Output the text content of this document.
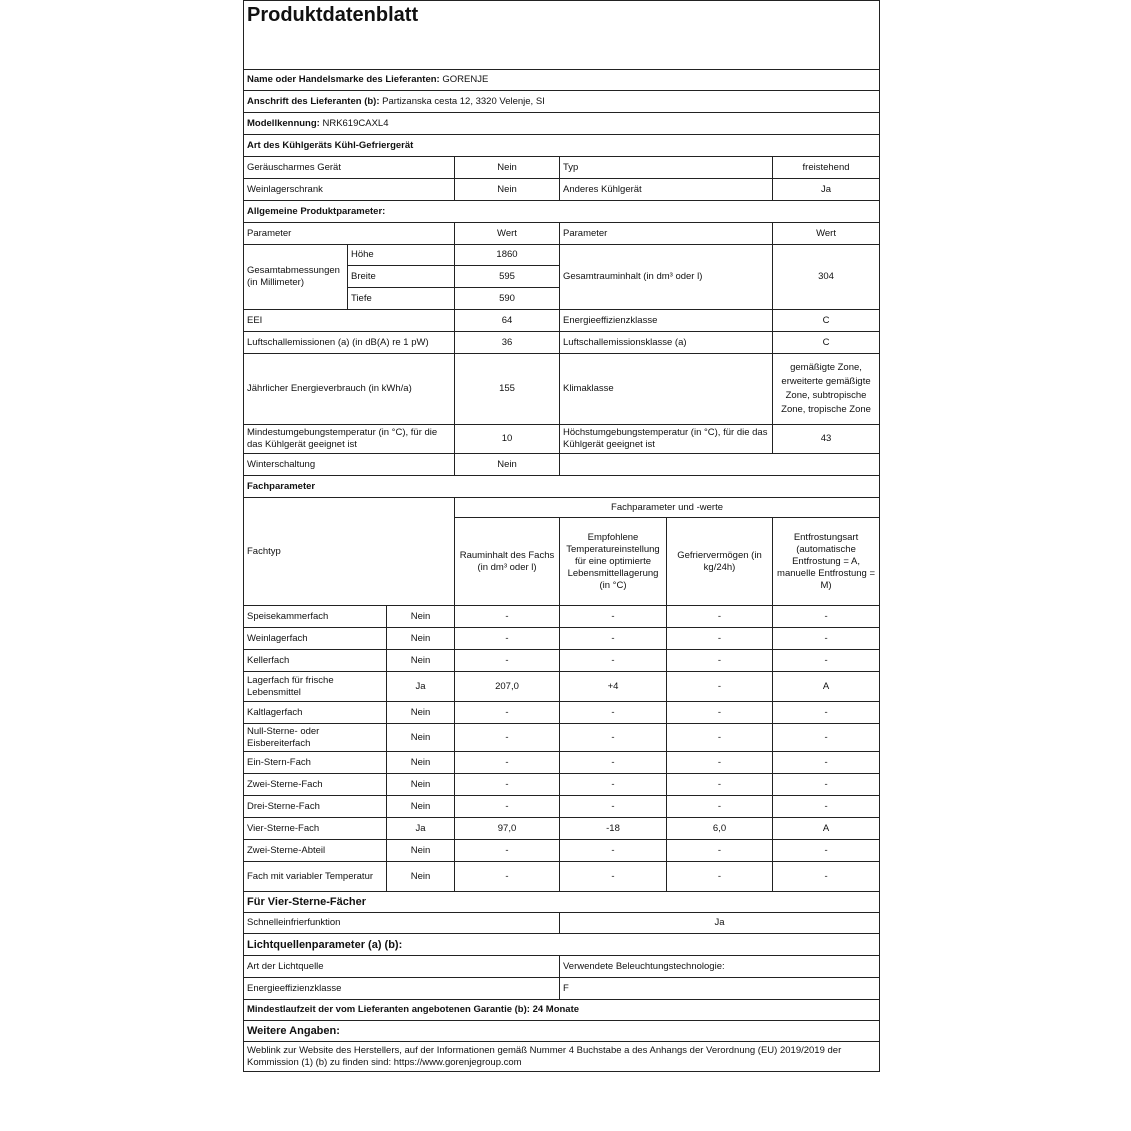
Produktdatenblatt						
Name oder Handelsmarke des Lieferanten: GORENJE						
Anschrift des Lieferanten (b): Partizanska cesta 12, 3320 Velenje, SI						
Modellkennung: NRK619CAXL4						
Art des Kühlgeräts Kühl-Gefriergerät						
Geräuscharmes Gerät			Nein	Typ		freistehend
Weinlagerschrank			Nein	Anderes Kühlgerät		Ja
Allgemeine Produktparameter:						
Parameter			Wert	Parameter		Wert
Gesamtabmessungen (in Millimeter)	Höhe		1860	Gesamtrauminhalt (in dm³ oder l)		304
	Breite		595			
	Tiefe		590			
EEI			64	Energieeffizienzklasse		C
Luftschallemissionen (a) (in dB(A) re 1 pW)			36	Luftschallemissionsklasse (a)		C
Jährlicher Energieverbrauch (in kWh/a)			155	Klimaklasse		gemäßigte Zone, erweiterte gemäßigte Zone, subtropische Zone, tropische Zone
Mindestumgebungstemperatur (in °C), für die das Kühlgerät geeignet ist			10	Höchstumgebungstemperatur (in °C), für die das Kühlgerät geeignet ist		43
Winterschaltung			Nein			
Fachparameter						
Fachtyp			Fachparameter und -werte			
			Rauminhalt des Fachs (in dm³ oder l)	Empfohlene Temperatureinstellung für eine optimierte Lebensmittellagerung (in °C)	Gefriervermögen (in kg/24h)	Entfrostungsart (automatische Entfrostung = A, manuelle Entfrostung = M)
Speisekammerfach		Nein	-	-	-	-
Weinlagerfach		Nein	-	-	-	-
Kellerfach		Nein	-	-	-	-
Lagerfach für frische Lebensmittel		Ja	207,0	+4	-	A
Kaltlagerfach		Nein	-	-	-	-
Null-Sterne- oder Eisbereiterfach		Nein	-	-	-	-
Ein-Stern-Fach		Nein	-	-	-	-
Zwei-Sterne-Fach		Nein	-	-	-	-
Drei-Sterne-Fach		Nein	-	-	-	-
Vier-Sterne-Fach		Ja	97,0	-18	6,0	A
Zwei-Sterne-Abteil		Nein	-	-	-	-
Fach mit variabler Temperatur		Nein	-	-	-	-
Für Vier-Sterne-Fächer						
Schnelleinfrierfunktion				Ja		
Lichtquellenparameter (a) (b):						
Art der Lichtquelle				Verwendete Beleuchtungstechnologie:		
Energieeffizienzklasse				F		
Mindestlaufzeit der vom Lieferanten angebotenen Garantie (b): 24 Monate						
Weitere Angaben:						
Weblink zur Website des Herstellers, auf der Informationen gemäß Nummer 4 Buchstabe a des Anhangs der Verordnung (EU) 2019/2019 der Kommission (1) (b) zu finden sind: https://www.gorenjegroup.com						
